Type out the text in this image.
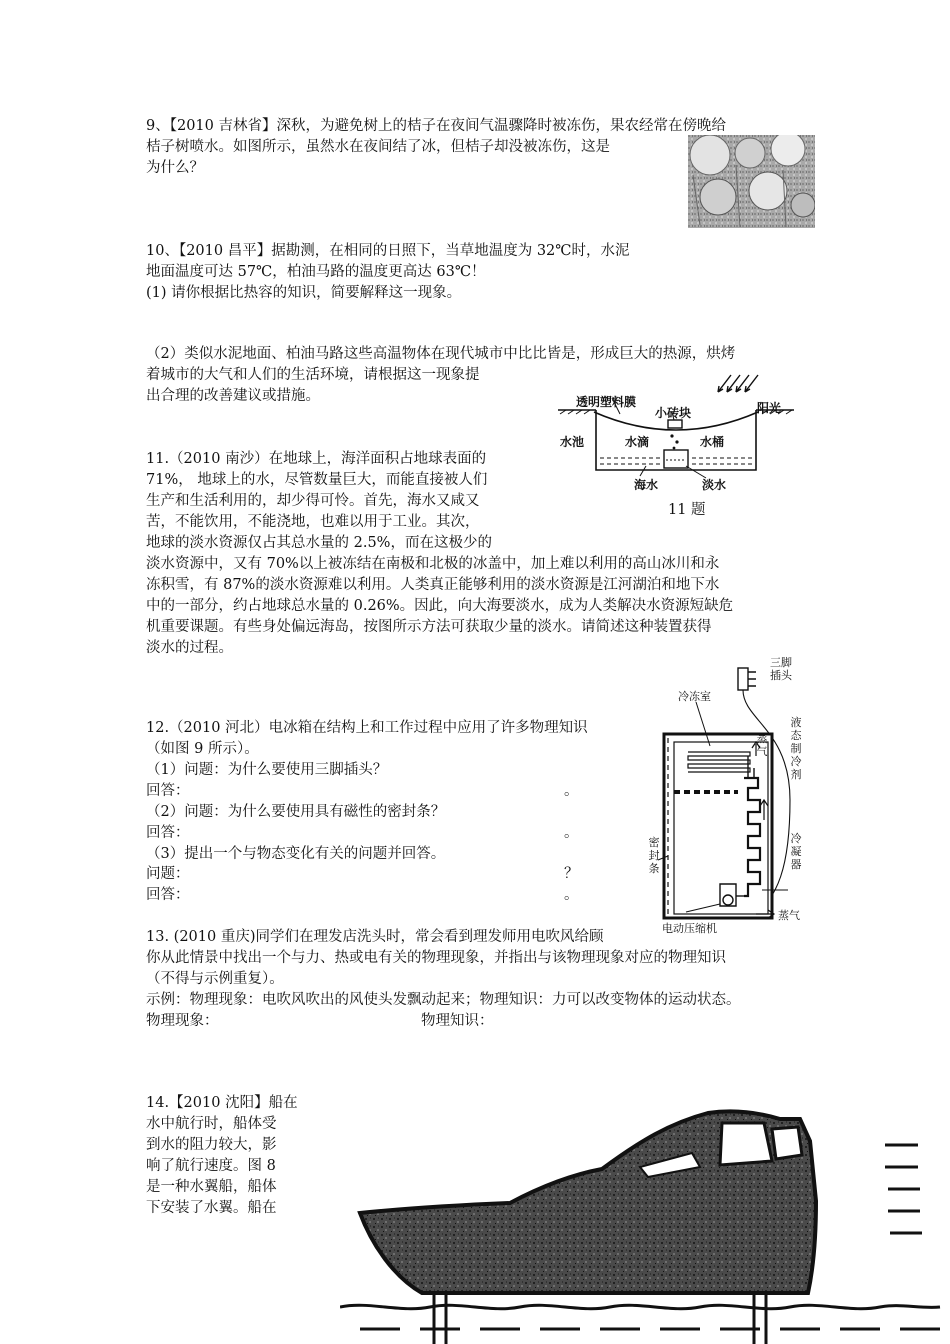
9、【2010 吉林省】深秋，为避免树上的桔子在夜间气温骤降时被冻伤，果农经常在傍晚给
桔子树喷水。如图所示，虽然水在夜间结了冰，但桔子却没被冻伤，这是
为什么？
10、【2010 昌平】据勘测，在相同的日照下，当草地温度为 32℃时，水泥
地面温度可达 57℃，柏油马路的温度更高达 63℃！
(1) 请你根据比热容的知识，简要解释这一现象。
（2）类似水泥地面、柏油马路这些高温物体在现代城市中比比皆是，形成巨大的热源，烘烤
着城市的大气和人们的生活环境，请根据这一现象提
出合理的改善建议或措施。	透明塑料膜
小砖块	阳光
水池	水滴	水桶
海水	淡水
11 题
11.（2010 南沙）在地球上，海洋面积占地球表面的
71%， 地球上的水，尽管数量巨大，而能直接被人们
生产和生活利用的，却少得可怜。首先，海水又咸又
苦，不能饮用，不能浇地，也难以用于工业。其次，
地球的淡水资源仅占其总水量的 2.5%，而在这极少的
淡水资源中，又有 70%以上被冻结在南极和北极的冰盖中，加上难以利用的高山冰川和永
冻积雪，有 87%的淡水资源难以利用。人类真正能够利用的淡水资源是江河湖泊和地下水
中的一部分，约占地球总水量的 0.26%。因此，向大海要淡水，成为人类解决水资源短缺危
机重要课题。有些身处偏远海岛，按图所示方法可获取少量的淡水。请简述这种装置获得
淡水的过程。
三脚插头
冷冻室
液态制冷剂
蒸气
冷凝器
密封条
电动压缩机
蒸气
12.（2010 河北）电冰箱在结构上和工作过程中应用了许多物理知识
（如图 9 所示）。
（1）问题：为什么要使用三脚插头？
回答：	。
（2）问题：为什么要使用具有磁性的密封条？
回答：	。
（3）提出一个与物态变化有关的问题并回答。
问题：	？
回答：	。
13. (2010 重庆)同学们在理发店洗头时，常会看到理发师用电吹风给顾
你从此情景中找出一个与力、热或电有关的物理现象，并指出与该物理现象对应的物理知识
（不得与示例重复）。
示例：物理现象：电吹风吹出的风使头发飘动起来；物理知识：力可以改变物体的运动状态。
物理现象：	物理知识：
14.【2010 沈阳】船在
水中航行时，船体受
到水的阻力较大，影
响了航行速度。图 8
是一种水翼船，船体
下安装了水翼。船在
